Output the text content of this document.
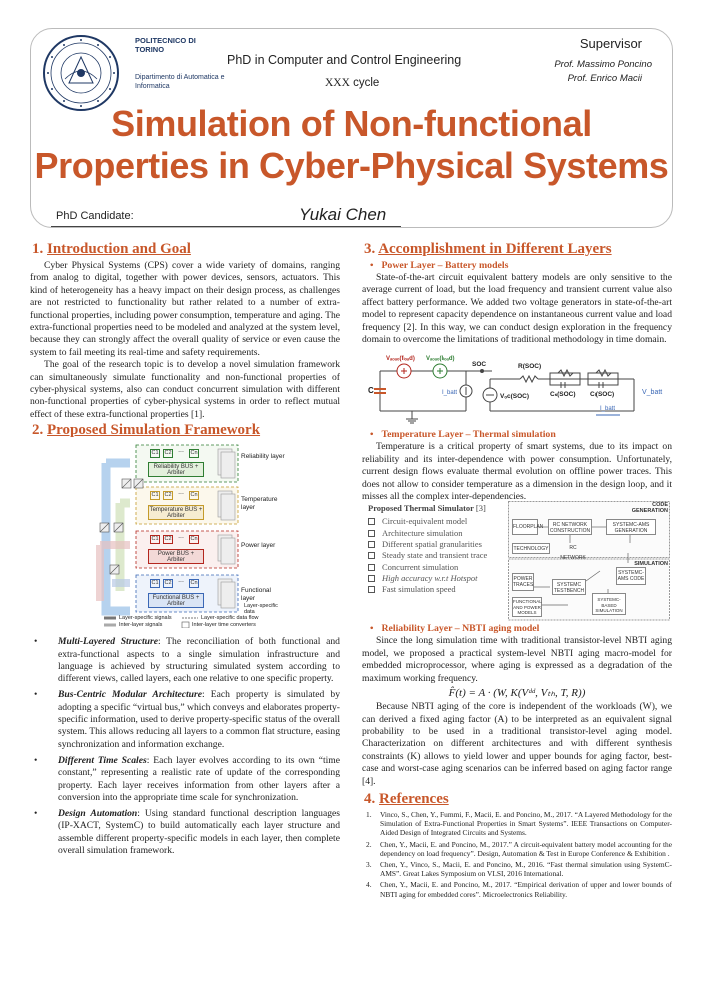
POLITECNICO DI TORINO
Dipartimento di Automatica e Informatica
PhD in Computer and Control Engineering
XXX cycle
Supervisor
Prof. Massimo Poncino
Prof. Enrico Macii
Simulation of Non-functional
Properties in Cyber-Physical Systems
PhD Candidate:	Yukai Chen
1. Introduction and Goal

Cyber Physical Systems (CPS) cover a wide variety of domains, ranging from analog to digital, together with power devices, sensors, actuators. This kind of heterogeneity has a heavy impact on their design process, as challenges are not restricted to functionality but rather related to a number of extra-functional properties, including power consumption, temperature and aging. The extra-functional properties need to be modeled and analyzed at the system level, because they can strongly affect the overall quality of service or even cause the system to fail meeting its real-time and safety requirements.

The goal of the research topic is to develop a novel simulation framework can simultaneously simulate functionality and non-functional properties of cyber-physical systems, also can conduct concurrent simulation with different non-functional properties of cyber-physical systems in order to reflect mutual effect of these extra-functional properties [1].

2. Proposed Simulation Framework
C1 C2 ...	Cn
Reliability BUS + Arbiter
Reliability layer
C1 C2 ...	Cn
Temperature BUS + Arbiter
Temperature layer
C1 C2 ...	Cn
Power BUS + Arbiter
Power layer
C1 C2 ...	Cn
Functional BUS + Arbiter
Functional layer
Layer-specific data
Layer-specific signals	Layer-specific data flow
Inter-layer signals	Inter-layer time converters
• Multi-Layered Structure: The reconciliation of both functional and extra-functional aspects to a single simulation infrastructure and language is achieved by structuring simulated system according to different views, called layers, each one relative to one specific property.
• Bus-Centric Modular Architecture: Each property is simulated by adopting a specific “virtual bus,” which conveys and elaborates property-specific information, used to derive property-specific status of the overall system. This allows reducing all layers to a common flat structure, easing synchronization and information exchange.
• Different Time Scales: Each layer evolves according to its own “time constant,” representing a realistic rate of update of the corresponding property. Each layer receives information from other layers after a conversion into the appropriate time scale for synchronization.
• Design Automation: Using standard functional description languages (IP-XACT, SystemC) to build automatically each layer structure and assemble different property-specific models in each layer, then complete overall simulation framework.
3. Accomplishment in Different Layers
• Power Layer – Battery models

State-of-the-art circuit equivalent battery models are only sensitive to the average current of load, but the load frequency and transient current value also affect battery performance. We added two voltage generators in state-of-the-art model to represent capacity dependence on instantaneous current value and load frequency [2]. In this way, we can conduct design exploration in the frequency domain to overcome the limitations of traditional methodology in time domain.

C
Vₐₒₐₒ(fₗₒₐd) Vₐₒₐₒ(Iₗₒₐd)
SOC
I_batt	Vₒc(SOC)
R(SOC)
Cₛ(SOC) Cₗ(SOC)
I_batt
V_batt
• Temperature Layer – Thermal simulation

Temperature is a critical property of smart systems, due to its impact on reliability and its inter-dependence with power consumption. Unfortunately, current design flows evaluate thermal evolution on offline power traces. This does not allow to consider temperature as a dimension in the design loop, and it misses all the complex inter-dependencies.

Proposed Thermal Simulator [3]
Circuit-equivalent model
Architecture simulation
Different spatial granularities
Steady state and transient trace
Concurrent simulation
High accuracy w.r.t Hotspot
Fast simulation speed
CODE GENERATION
FLOORPLAN	RC NETWORK CONSTRUCTION
SYSTEMC-AMS GENERATION
TECHNOLOGY	RC NETWORK
SIMULATION
POWER TRACES	SYSTEMC TESTBENCH
SYSTEMC-AMS CODE
FUNCTIONAL AND POWER MODELS
SYSTEMC-BASED SIMULATION
• Reliability Layer – NBTI aging model

Since the long simulation time with traditional transistor-level NBTI aging model, we proposed a practical system-level NBTI aging macro-model for embedded microprocessor, where aging is expressed as a degradation of the maximum working frequency.

F̂(t) = A · (W, K(Vᵈᵈ, Vₜₕ, T, R))

Because NBTI aging of the core is independent of the workloads (W), we can derived a fixed aging factor (A) to be interpreted as an equivalent signal probability to be used in a traditional transistor-level aging model. Characterization on different architectures and with different synthesis constraints (K) allows to yield lower and upper bounds for aging factor, best-case and worst-case aging scenarios can be inferred based on aging factor range [4].

4. References
1. Vinco, S., Chen, Y., Fummi, F., Macii, E. and Poncino, M., 2017. “A Layered Methodology for the Simulation of Extra-Functional Properties in Smart Systems”. IEEE Transactions on Computer-Aided Design of Integrated Circuits and Systems.
2. Chen, Y., Macii, E. and Poncino, M., 2017.” A circuit-equivalent battery model accounting for the dependency on load frequency”. Design, Automation & Test in Europe Conference & Exhibition .
3. Chen, Y., Vinco, S., Macii, E. and Poncino, M., 2016. “Fast thermal simulation using SystemC-AMS”. Great Lakes Symposium on VLSI, 2016 International.
4. Chen, Y., Macii, E. and Poncino, M., 2017. “Empirical derivation of upper and lower bounds of NBTI aging for embedded cores”. Microelectronics Reliability.
